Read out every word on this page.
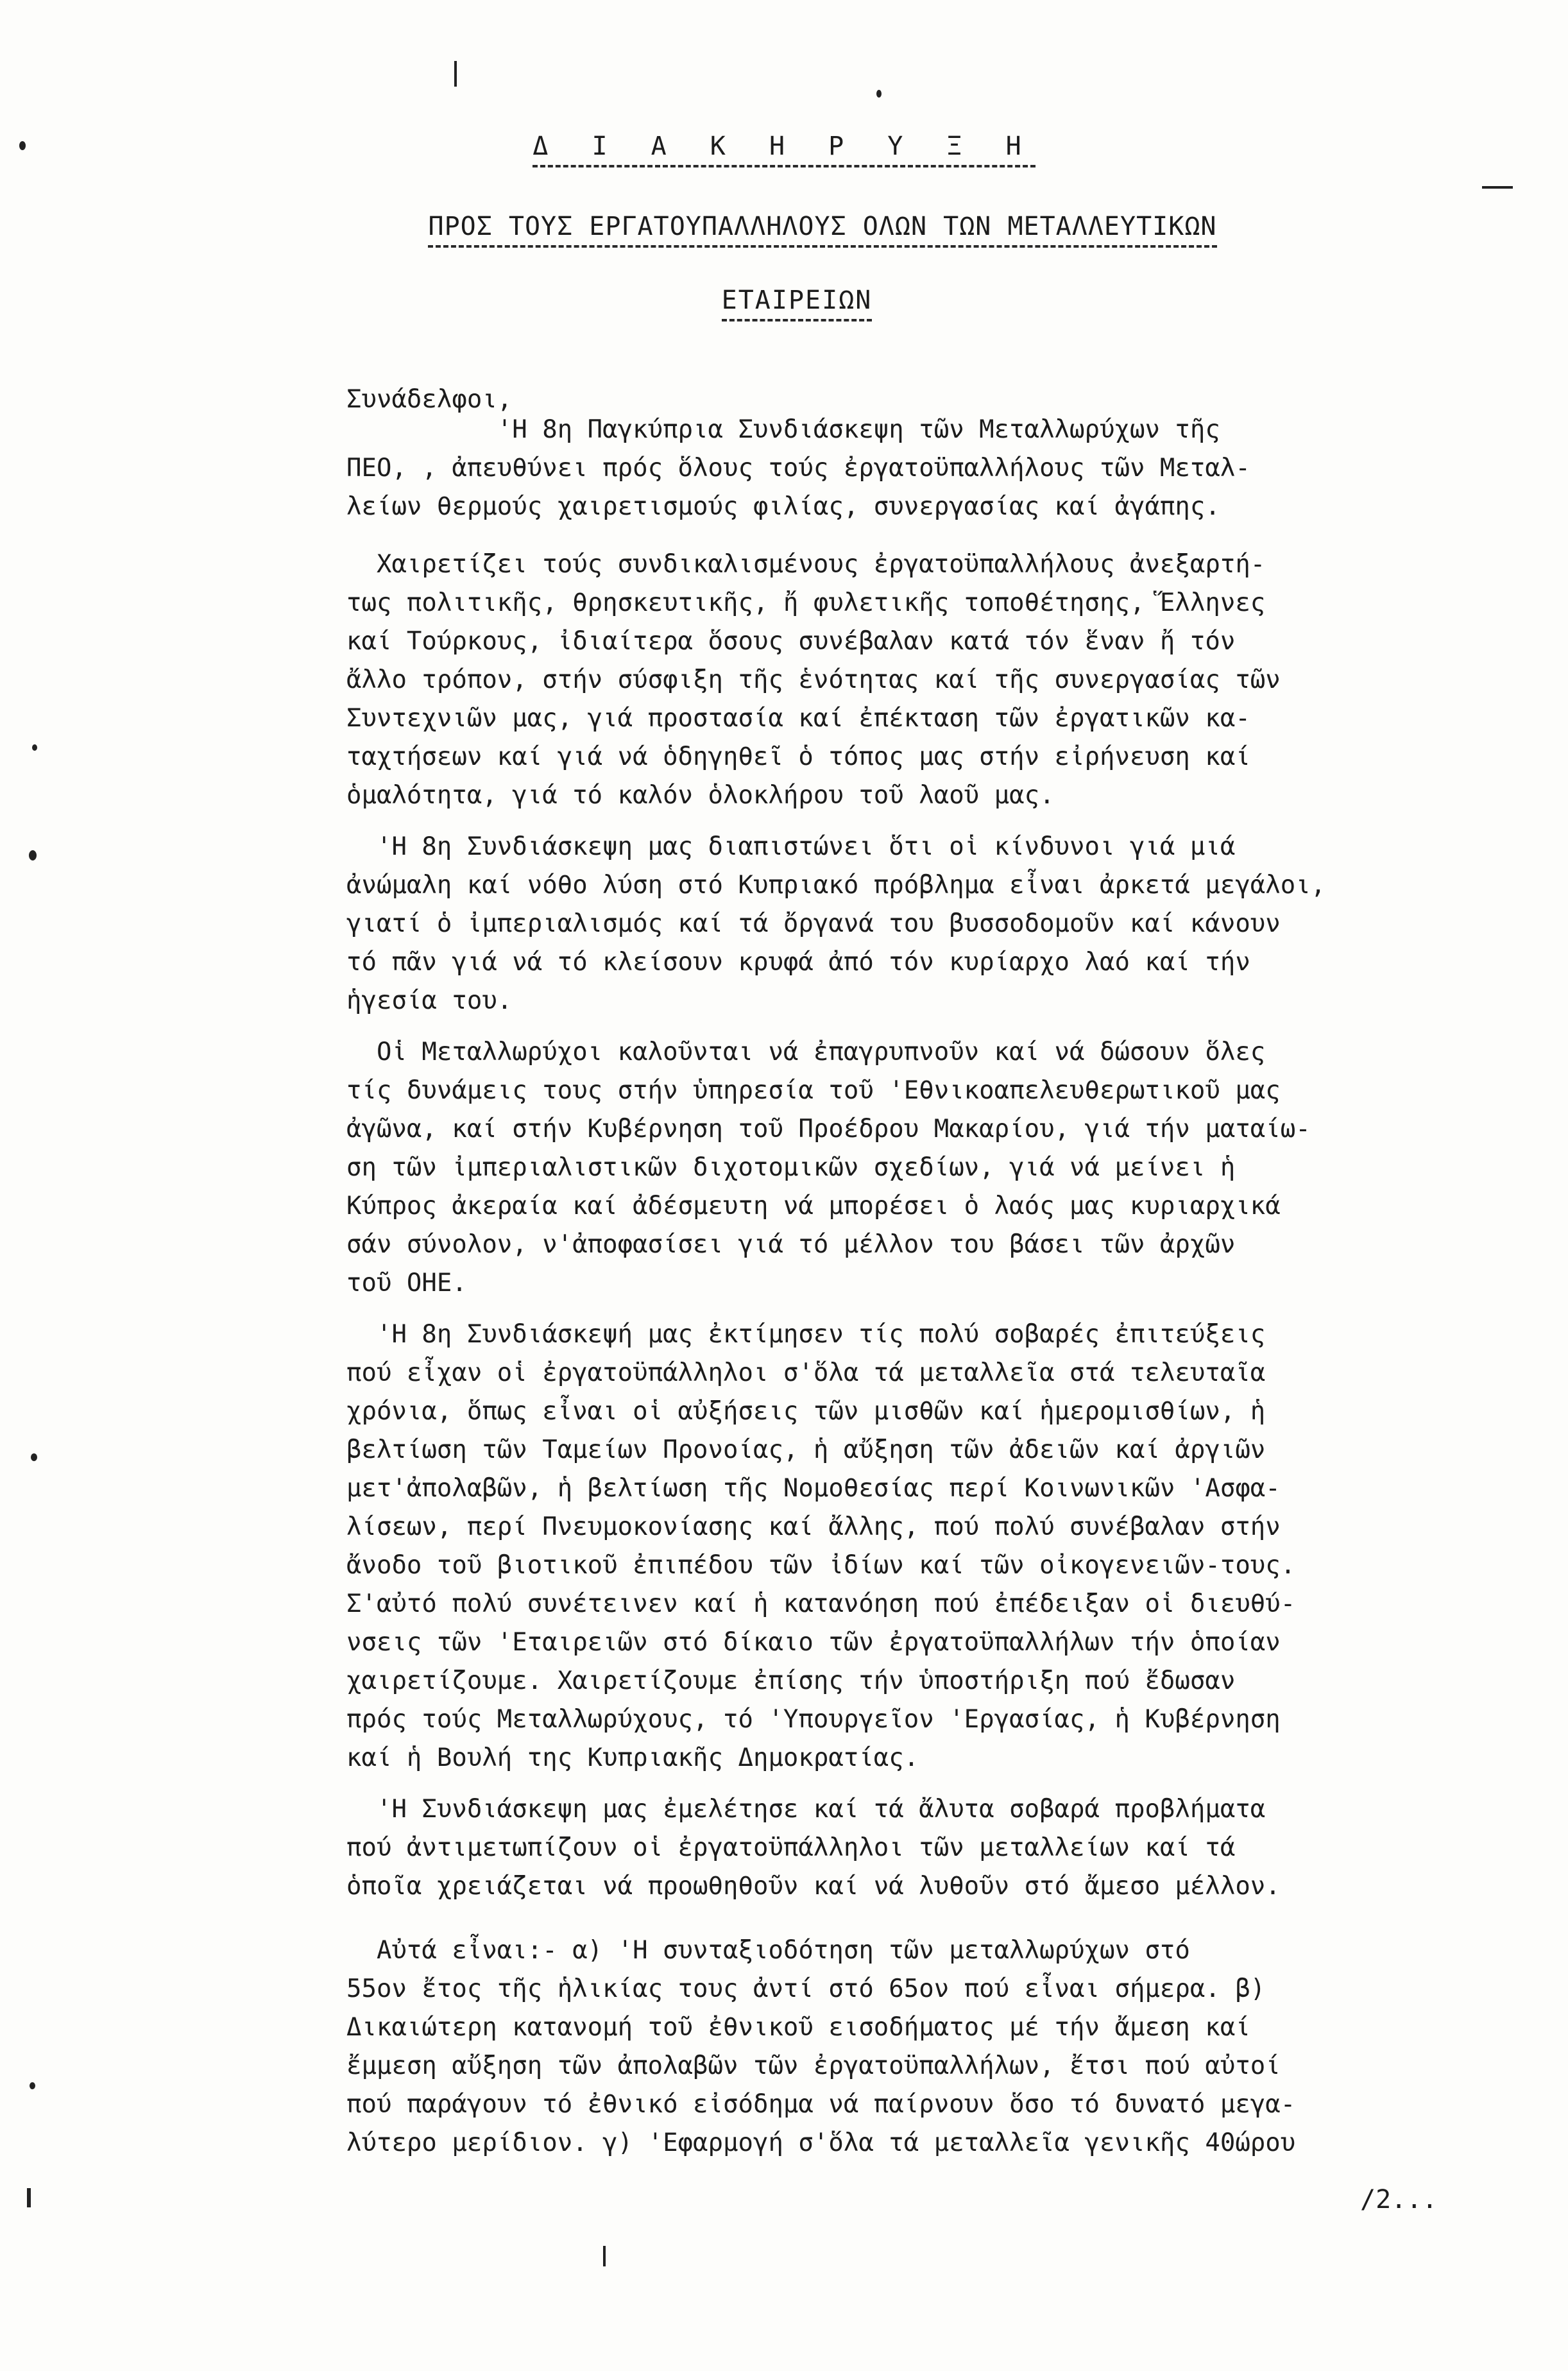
Δ Ι Α Κ Η Ρ Υ Ξ Η
ΠΡΟΣ ΤΟΥΣ ΕΡΓΑΤΟΥΠΑΛΛΗΛΟΥΣ ΟΛΩΝ ΤΩΝ ΜΕΤΑΛΛΕΥΤΙΚΩΝ
ΕΤΑΙΡΕΙΩΝ
Συνάδελφοι,
'Η 8η Παγκύπρια Συνδιάσκεψη τῶν Μεταλλωρύχων τῆς
ΠΕΟ, , ἀπευθύνει πρός ὅλους τούς ἐργατοϋπαλλήλους τῶν Μεταλ-
λείων θερμούς χαιρετισμούς φιλίας, συνεργασίας καί ἀγάπης.
Χαιρετίζει τούς συνδικαλισμένους ἐργατοϋπαλλήλους ἀνεξαρτή-
τως πολιτικῆς, θρησκευτικῆς, ἤ φυλετικῆς τοποθέτησης, Ἕλληνες
καί Τούρκους, ἰδιαίτερα ὅσους συνέβαλαν κατά τόν ἕναν ἤ τόν
ἄλλο τρόπον, στήν σύσφιξη τῆς ἑνότητας καί τῆς συνεργασίας τῶν
Συντεχνιῶν μας, γιά προστασία καί ἐπέκταση τῶν ἐργατικῶν κα-
ταχτήσεων καί γιά νά ὁδηγηθεῖ ὁ τόπος μας στήν εἰρήνευση καί
ὁμαλότητα, γιά τό καλόν ὁλοκλήρου τοῦ λαοῦ μας.
'Η 8η Συνδιάσκεψη μας διαπιστώνει ὅτι οἱ κίνδυνοι γιά μιά
ἀνώμαλη καί νόθο λύση στό Κυπριακό πρόβλημα εἶναι ἀρκετά μεγάλοι,
γιατί ὁ ἰμπεριαλισμός καί τά ὄργανά του βυσσοδομοῦν καί κάνουν
τό πᾶν γιά νά τό κλείσουν κρυφά ἀπό τόν κυρίαρχο λαό καί τήν
ἡγεσία του.
Οἱ Μεταλλωρύχοι καλοῦνται νά ἐπαγρυπνοῦν καί νά δώσουν ὅλες
τίς δυνάμεις τους στήν ὑπηρεσία τοῦ 'Εθνικοαπελευθερωτικοῦ μας
ἀγῶνα, καί στήν Κυβέρνηση τοῦ Προέδρου Μακαρίου, γιά τήν ματαίω-
ση τῶν ἰμπεριαλιστικῶν διχοτομικῶν σχεδίων, γιά νά μείνει ἡ
Κύπρος ἀκεραία καί ἀδέσμευτη νά μπορέσει ὁ λαός μας κυριαρχικά
σάν σύνολον, ν'ἀποφασίσει γιά τό μέλλον του βάσει τῶν ἀρχῶν
τοῦ ΟΗΕ.
'Η 8η Συνδιάσκεψή μας ἐκτίμησεν τίς πολύ σοβαρές ἐπιτεύξεις
πού εἶχαν οἱ ἐργατοϋπάλληλοι σ'ὅλα τά μεταλλεῖα στά τελευταῖα
χρόνια, ὅπως εἶναι οἱ αὐξήσεις τῶν μισθῶν καί ἡμερομισθίων, ἡ
βελτίωση τῶν Ταμείων Προνοίας, ἡ αὔξηση τῶν ἀδειῶν καί ἀργιῶν
μετ'ἀπολαβῶν, ἡ βελτίωση τῆς Νομοθεσίας περί Κοινωνικῶν 'Ασφα-
λίσεων, περί Πνευμοκονίασης καί ἄλλης, πού πολύ συνέβαλαν στήν
ἄνοδο τοῦ βιοτικοῦ ἐπιπέδου τῶν ἰδίων καί τῶν οἰκογενειῶν-τους.
Σ'αὐτό πολύ συνέτεινεν καί ἡ κατανόηση πού ἐπέδειξαν οἱ διευθύ-
νσεις τῶν 'Εταιρειῶν στό δίκαιο τῶν ἐργατοϋπαλλήλων τήν ὁποίαν
χαιρετίζουμε. Χαιρετίζουμε ἐπίσης τήν ὑποστήριξη πού ἔδωσαν
πρός τούς Μεταλλωρύχους, τό 'Υπουργεῖον 'Εργασίας, ἡ Κυβέρνηση
καί ἡ Βουλή της Κυπριακῆς Δημοκρατίας.
'Η Συνδιάσκεψη μας ἐμελέτησε καί τά ἄλυτα σοβαρά προβλήματα
πού ἀντιμετωπίζουν οἱ ἐργατοϋπάλληλοι τῶν μεταλλείων καί τά
ὁποῖα χρειάζεται νά προωθηθοῦν καί νά λυθοῦν στό ἄμεσο μέλλον.
Αὐτά εἶναι:- α) 'Η συνταξιοδότηση τῶν μεταλλωρύχων στό
55ον ἔτος τῆς ἡλικίας τους ἀντί στό 65ον πού εἶναι σήμερα. β)
Δικαιώτερη κατανομή τοῦ ἐθνικοῦ εισοδήματος μέ τήν ἄμεση καί
ἔμμεση αὔξηση τῶν ἀπολαβῶν τῶν ἐργατοϋπαλλήλων, ἔτσι πού αὐτοί
πού παράγουν τό ἐθνικό εἰσόδημα νά παίρνουν ὅσο τό δυνατό μεγα-
λύτερο μερίδιον. γ) 'Εφαρμογή σ'ὅλα τά μεταλλεῖα γενικῆς 40ώρου
/2...
